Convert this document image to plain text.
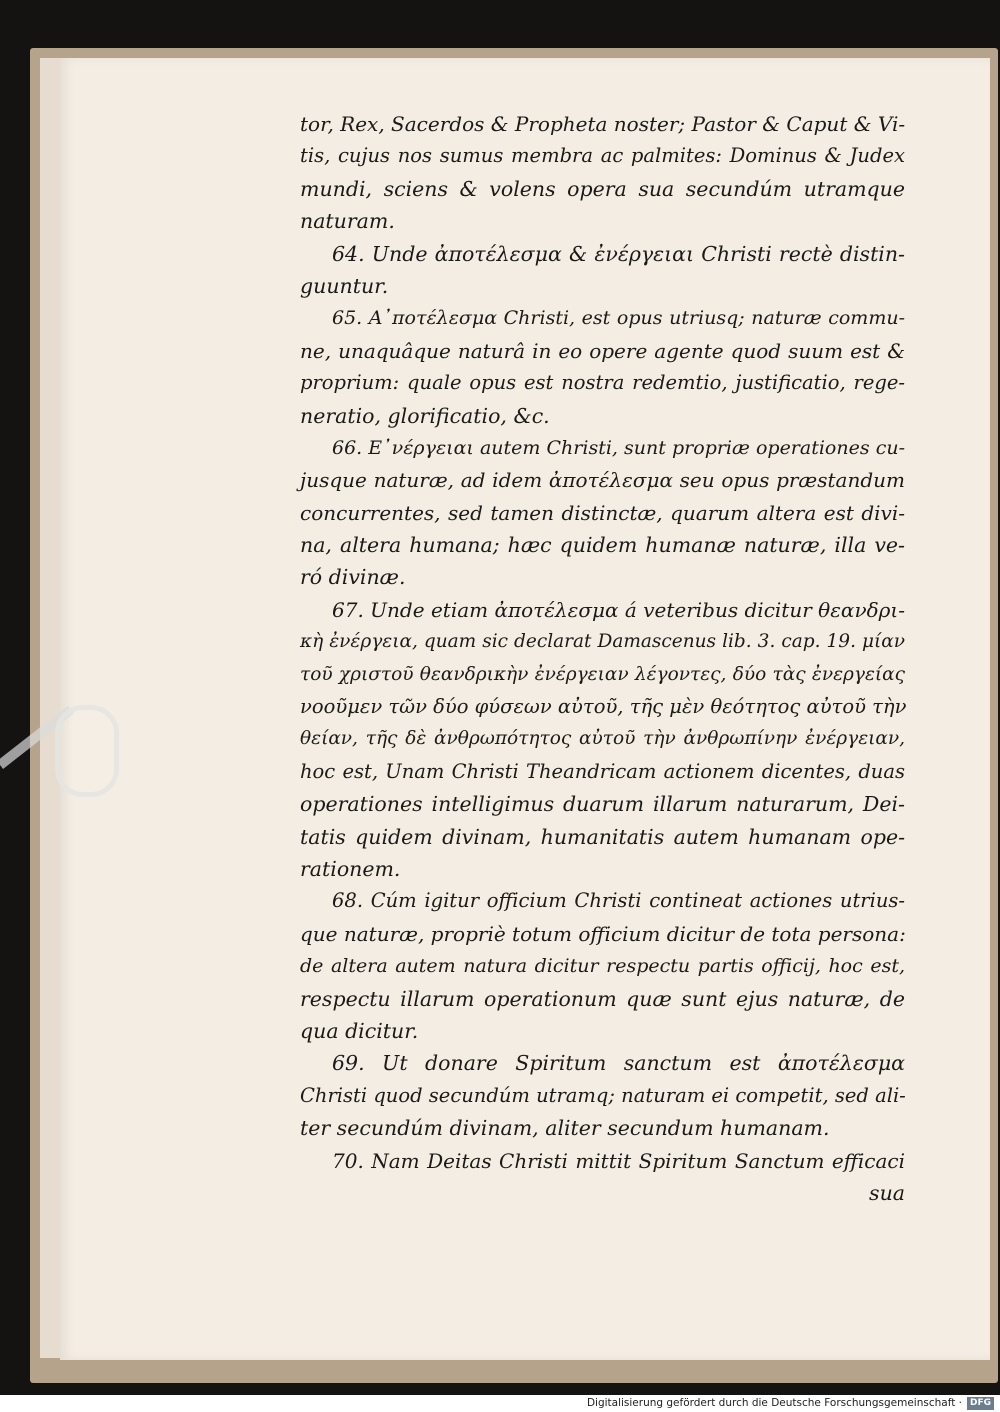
tor, Rex, Sacerdos & Propheta noster; Pastor & Caput & Vi-
tis, cujus nos sumus membra ac palmites: Dominus & Judex
mundi, sciens & volens opera sua secundúm utramque
naturam.
64. Unde ἀποτέλεσμα & ἐνέργειαι Christi rectè distin-
guuntur.
65. Α᾽ποτέλεσμα Christi, est opus utriusq; naturæ commu-
ne, unaquâque naturâ in eo opere agente quod suum est &
proprium: quale opus est nostra redemtio, justificatio, rege-
neratio, glorificatio, &c.
66. Ε᾽νέργειαι autem Christi, sunt propriæ operationes cu-
jusque naturæ, ad idem ἀποτέλεσμα seu opus præstandum
concurrentes, sed tamen distinctæ, quarum altera est divi-
na, altera humana; hæc quidem humanæ naturæ, illa ve-
ró divinæ.
67. Unde etiam ἀποτέλεσμα á veteribus dicitur θεανδρι-
κὴ ἐνέργεια, quam sic declarat Damascenus lib. 3. cap. 19. μίαν
τοῦ χριστοῦ θεανδρικὴν ἐνέργειαν λέγοντες, δύο τὰς ἐνεργείας
νοοῦμεν τῶν δύο φύσεων αὐτοῦ, τῆς μὲν θεότητος αὐτοῦ τὴν
θείαν, τῆς δὲ ἀνθρωπότητος αὐτοῦ τὴν ἀνθρωπίνην ἐνέργειαν,
hoc est, Unam Christi Theandricam actionem dicentes, duas
operationes intelligimus duarum illarum naturarum, Dei-
tatis quidem divinam, humanitatis autem humanam ope-
rationem.
68. Cúm igitur officium Christi contineat actiones utrius-
que naturæ, propriè totum officium dicitur de tota persona:
de altera autem natura dicitur respectu partis officij, hoc est,
respectu illarum operationum quæ sunt ejus naturæ, de
qua dicitur.
69. Ut donare Spiritum sanctum est ἀποτέλεσμα
Christi quod secundúm utramq; naturam ei competit, sed ali-
ter secundúm divinam, aliter secundum humanam.
70. Nam Deitas Christi mittit Spiritum Sanctum efficaci
sua
Digitalisierung gefördert durch die Deutsche Forschungsgemeinschaft · DFG
